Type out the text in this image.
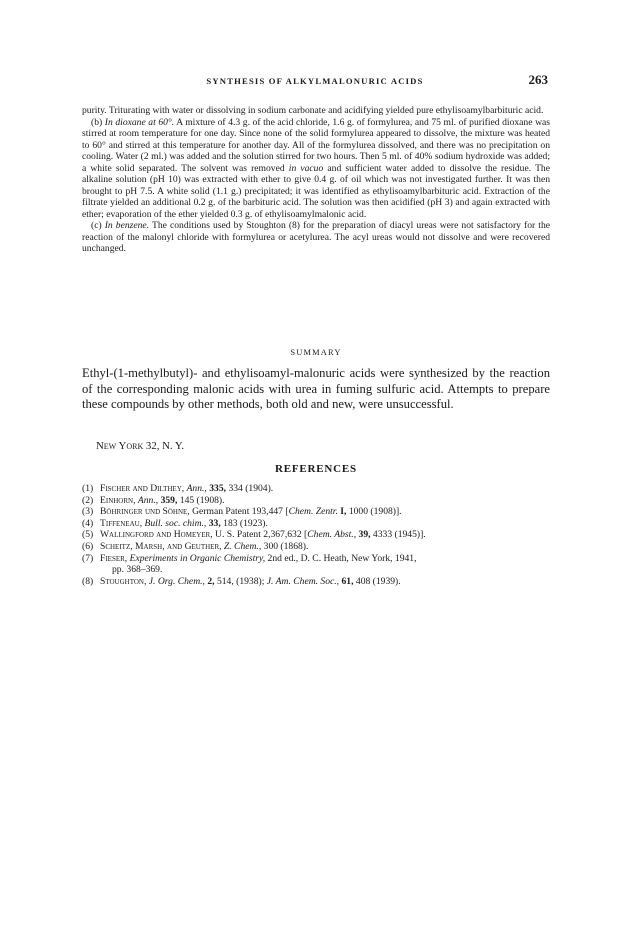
SYNTHESIS OF ALKYLMALONURIC ACIDS	263

purity. Triturating with water or dissolving in sodium carbonate and acidifying yielded pure ethylisoamylbarbituric acid.

(b) In dioxane at 60°. A mixture of 4.3 g. of the acid chloride, 1.6 g. of formylurea, and 75 ml. of purified dioxane was stirred at room temperature for one day. Since none of the solid formylurea appeared to dissolve, the mixture was heated to 60° and stirred at this temperature for another day. All of the formylurea dissolved, and there was no precipitation on cooling. Water (2 ml.) was added and the solution stirred for two hours. Then 5 ml. of 40% sodium hydroxide was added; a white solid separated. The solvent was removed in vacuo and sufficient water added to dissolve the residue. The alkaline solution (pH 10) was extracted with ether to give 0.4 g. of oil which was not investigated further. It was then brought to pH 7.5. A white solid (1.1 g.) precipitated; it was identified as ethylisoamylbarbituric acid. Extraction of the filtrate yielded an additional 0.2 g. of the barbituric acid. The solution was then acidified (pH 3) and again extracted with ether; evaporation of the ether yielded 0.3 g. of ethylisoamylmalonic acid.

(c) In benzene. The conditions used by Stoughton (8) for the preparation of diacyl ureas were not satisfactory for the reaction of the malonyl chloride with formylurea or acetylurea. The acyl ureas would not dissolve and were recovered unchanged.

SUMMARY

Ethyl-(1-methylbutyl)- and ethylisoamyl-malonuric acids were synthesized by the reaction of the corresponding malonic acids with urea in fuming sulfuric acid. Attempts to prepare these compounds by other methods, both old and new, were unsuccessful.

New York 32, N. Y.
REFERENCES
(1) Fischer and Dilthey, Ann., 335, 334 (1904).
(2) Einhorn, Ann., 359, 145 (1908).
(3) Böhringer und Söhne, German Patent 193,447 [Chem. Zentr. I, 1000 (1908)].
(4) Tiffeneau, Bull. soc. chim., 33, 183 (1923).
(5) Wallingford and Homeyer, U. S. Patent 2,367,632 [Chem. Abst., 39, 4333 (1945)].
(6) Scheitz, Marsh, and Geuther, Z. Chem., 300 (1868).
(7) Fieser, Experiments in Organic Chemistry, 2nd ed., D. C. Heath, New York, 1941,
pp. 368–369.
(8) Stoughton, J. Org. Chem., 2, 514, (1938); J. Am. Chem. Soc., 61, 408 (1939).
